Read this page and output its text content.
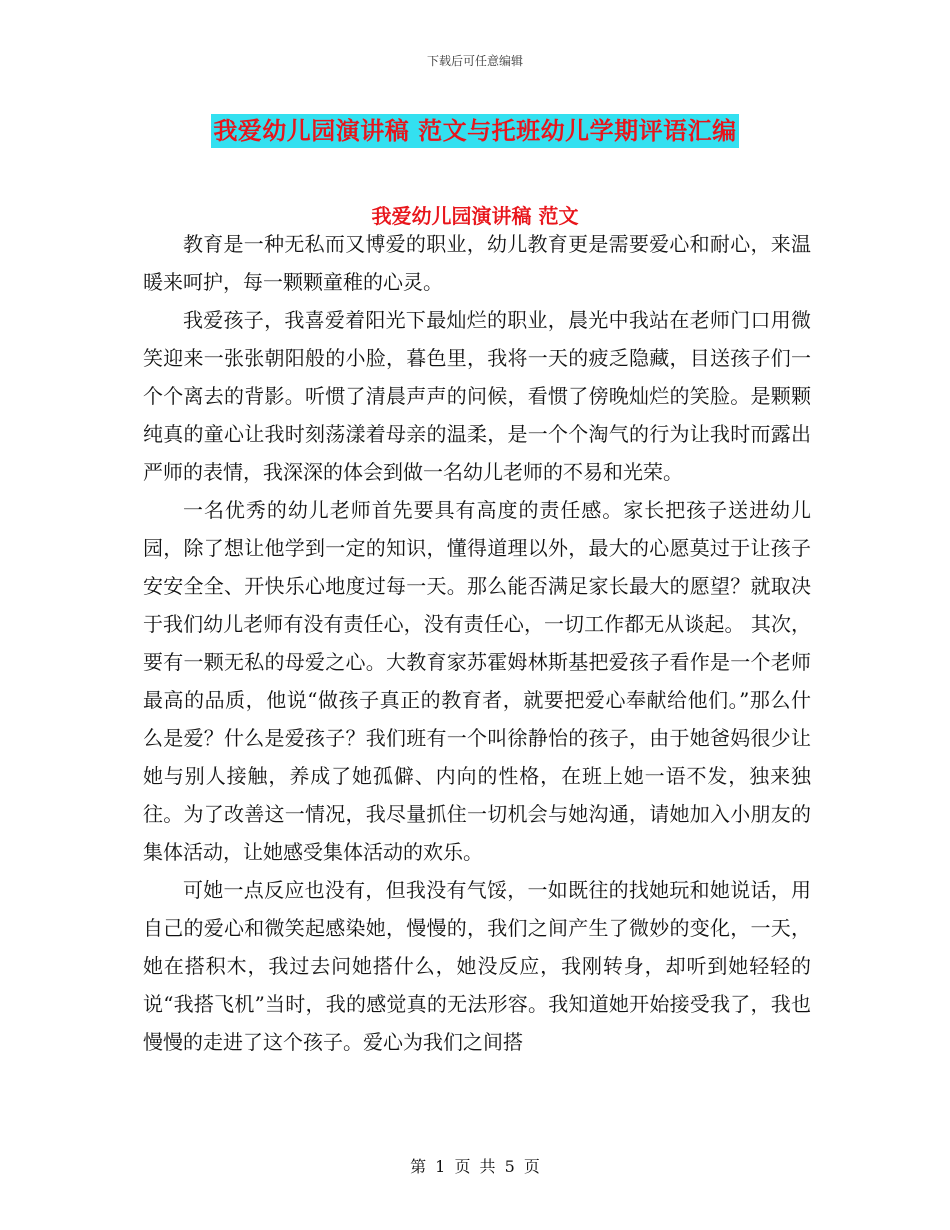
下载后可任意编辑
我爱幼儿园演讲稿 范文与托班幼儿学期评语汇编
我爱幼儿园演讲稿 范文

教育是一种无私而又博爱的职业，幼儿教育更是需要爱心和耐心，来温暖来呵护，每一颗颗童稚的心灵。

我爱孩子，我喜爱着阳光下最灿烂的职业，晨光中我站在老师门口用微笑迎来一张张朝阳般的小脸，暮色里，我将一天的疲乏隐藏，目送孩子们一个个离去的背影。听惯了清晨声声的问候，看惯了傍晚灿烂的笑脸。是颗颗纯真的童心让我时刻荡漾着母亲的温柔，是一个个淘气的行为让我时而露出严师的表情，我深深的体会到做一名幼儿老师的不易和光荣。

一名优秀的幼儿老师首先要具有高度的责任感。家长把孩子送进幼儿园，除了想让他学到一定的知识，懂得道理以外，最大的心愿莫过于让孩子安安全全、开快乐心地度过每一天。那么能否满足家长最大的愿望？就取决于我们幼儿老师有没有责任心，没有责任心，一切工作都无从谈起。 其次，要有一颗无私的母爱之心。大教育家苏霍姆林斯基把爱孩子看作是一个老师最高的品质，他说“做孩子真正的教育者，就要把爱心奉献给他们。”那么什么是爱？什么是爱孩子？我们班有一个叫徐静怡的孩子，由于她爸妈很少让她与别人接触，养成了她孤僻、内向的性格，在班上她一语不发，独来独往。为了改善这一情况，我尽量抓住一切机会与她沟通，请她加入小朋友的集体活动，让她感受集体活动的欢乐。

可她一点反应也没有，但我没有气馁，一如既往的找她玩和她说话，用自己的爱心和微笑起感染她，慢慢的，我们之间产生了微妙的变化，一天，她在搭积木，我过去问她搭什么，她没反应，我刚转身，却听到她轻轻的说“我搭飞机”当时，我的感觉真的无法形容。我知道她开始接受我了，我也慢慢的走进了这个孩子。爱心为我们之间搭

第 1 页 共 5 页
